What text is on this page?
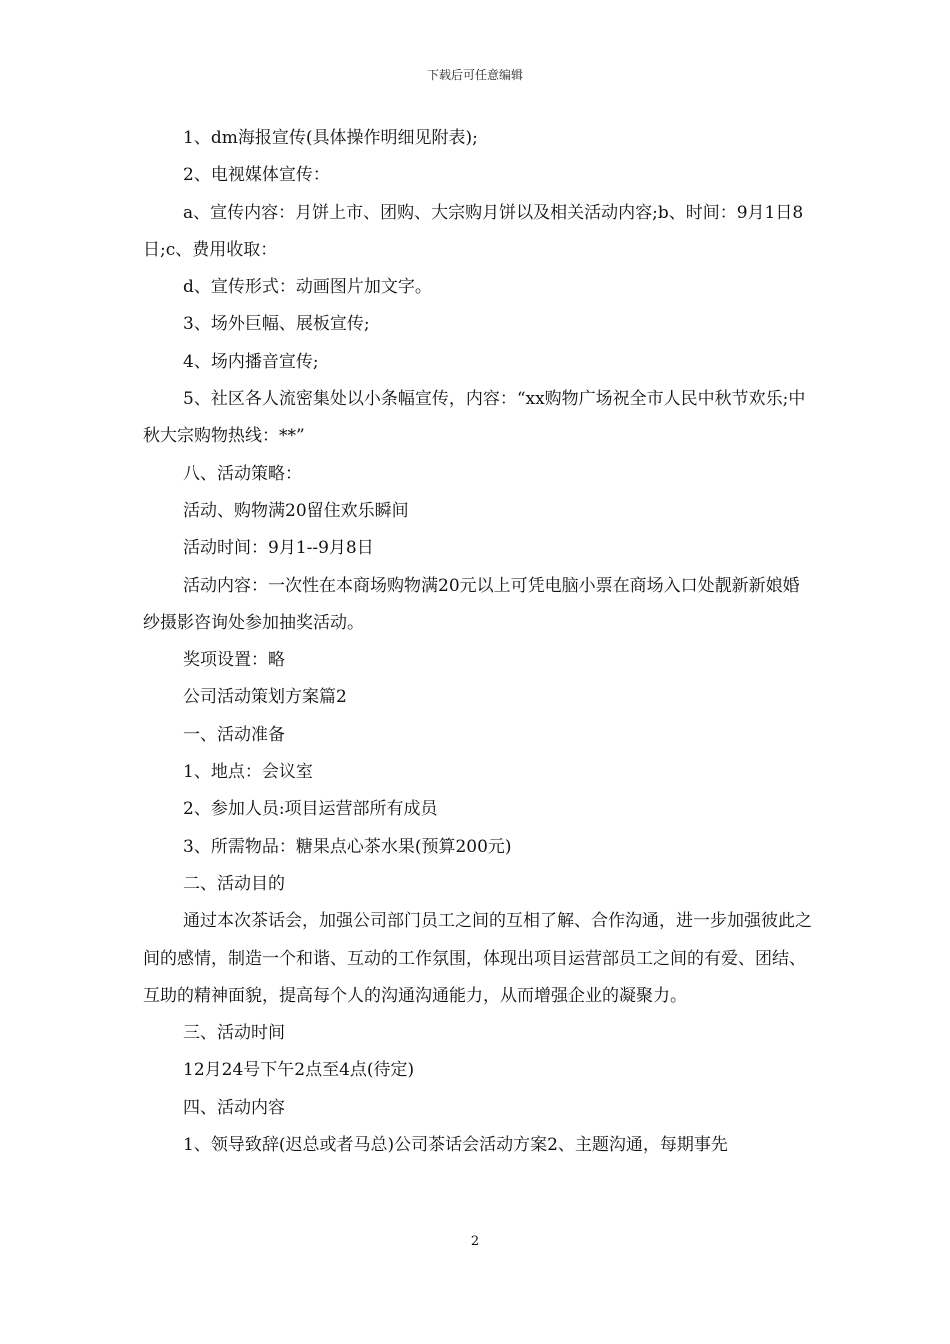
下载后可任意编辑

1、dm海报宣传(具体操作明细见附表);

2、电视媒体宣传：

a、宣传内容：月饼上市、团购、大宗购月饼以及相关活动内容;b、时间：9月1日8日;c、费用收取：

d、宣传形式：动画图片加文字。

3、场外巨幅、展板宣传;

4、场内播音宣传;

5、社区各人流密集处以小条幅宣传，内容：“xx购物广场祝全市人民中秋节欢乐;中秋大宗购物热线：**”

八、活动策略：

活动、购物满20留住欢乐瞬间

活动时间：9月1--9月8日

活动内容：一次性在本商场购物满20元以上可凭电脑小票在商场入口处靓新新娘婚纱摄影咨询处参加抽奖活动。

奖项设置：略

公司活动策划方案篇2

一、活动准备

1、地点：会议室

2、参加人员:项目运营部所有成员

3、所需物品：糖果点心茶水果(预算200元)

二、活动目的

通过本次茶话会，加强公司部门员工之间的互相了解、合作沟通，进一步加强彼此之间的感情，制造一个和谐、互动的工作氛围，体现出项目运营部员工之间的有爱、团结、互助的精神面貌，提高每个人的沟通沟通能力，从而增强企业的凝聚力。

三、活动时间

12月24号下午2点至4点(待定)

四、活动内容

1、领导致辞(迟总或者马总)公司茶话会活动方案2、主题沟通，每期事先

2
